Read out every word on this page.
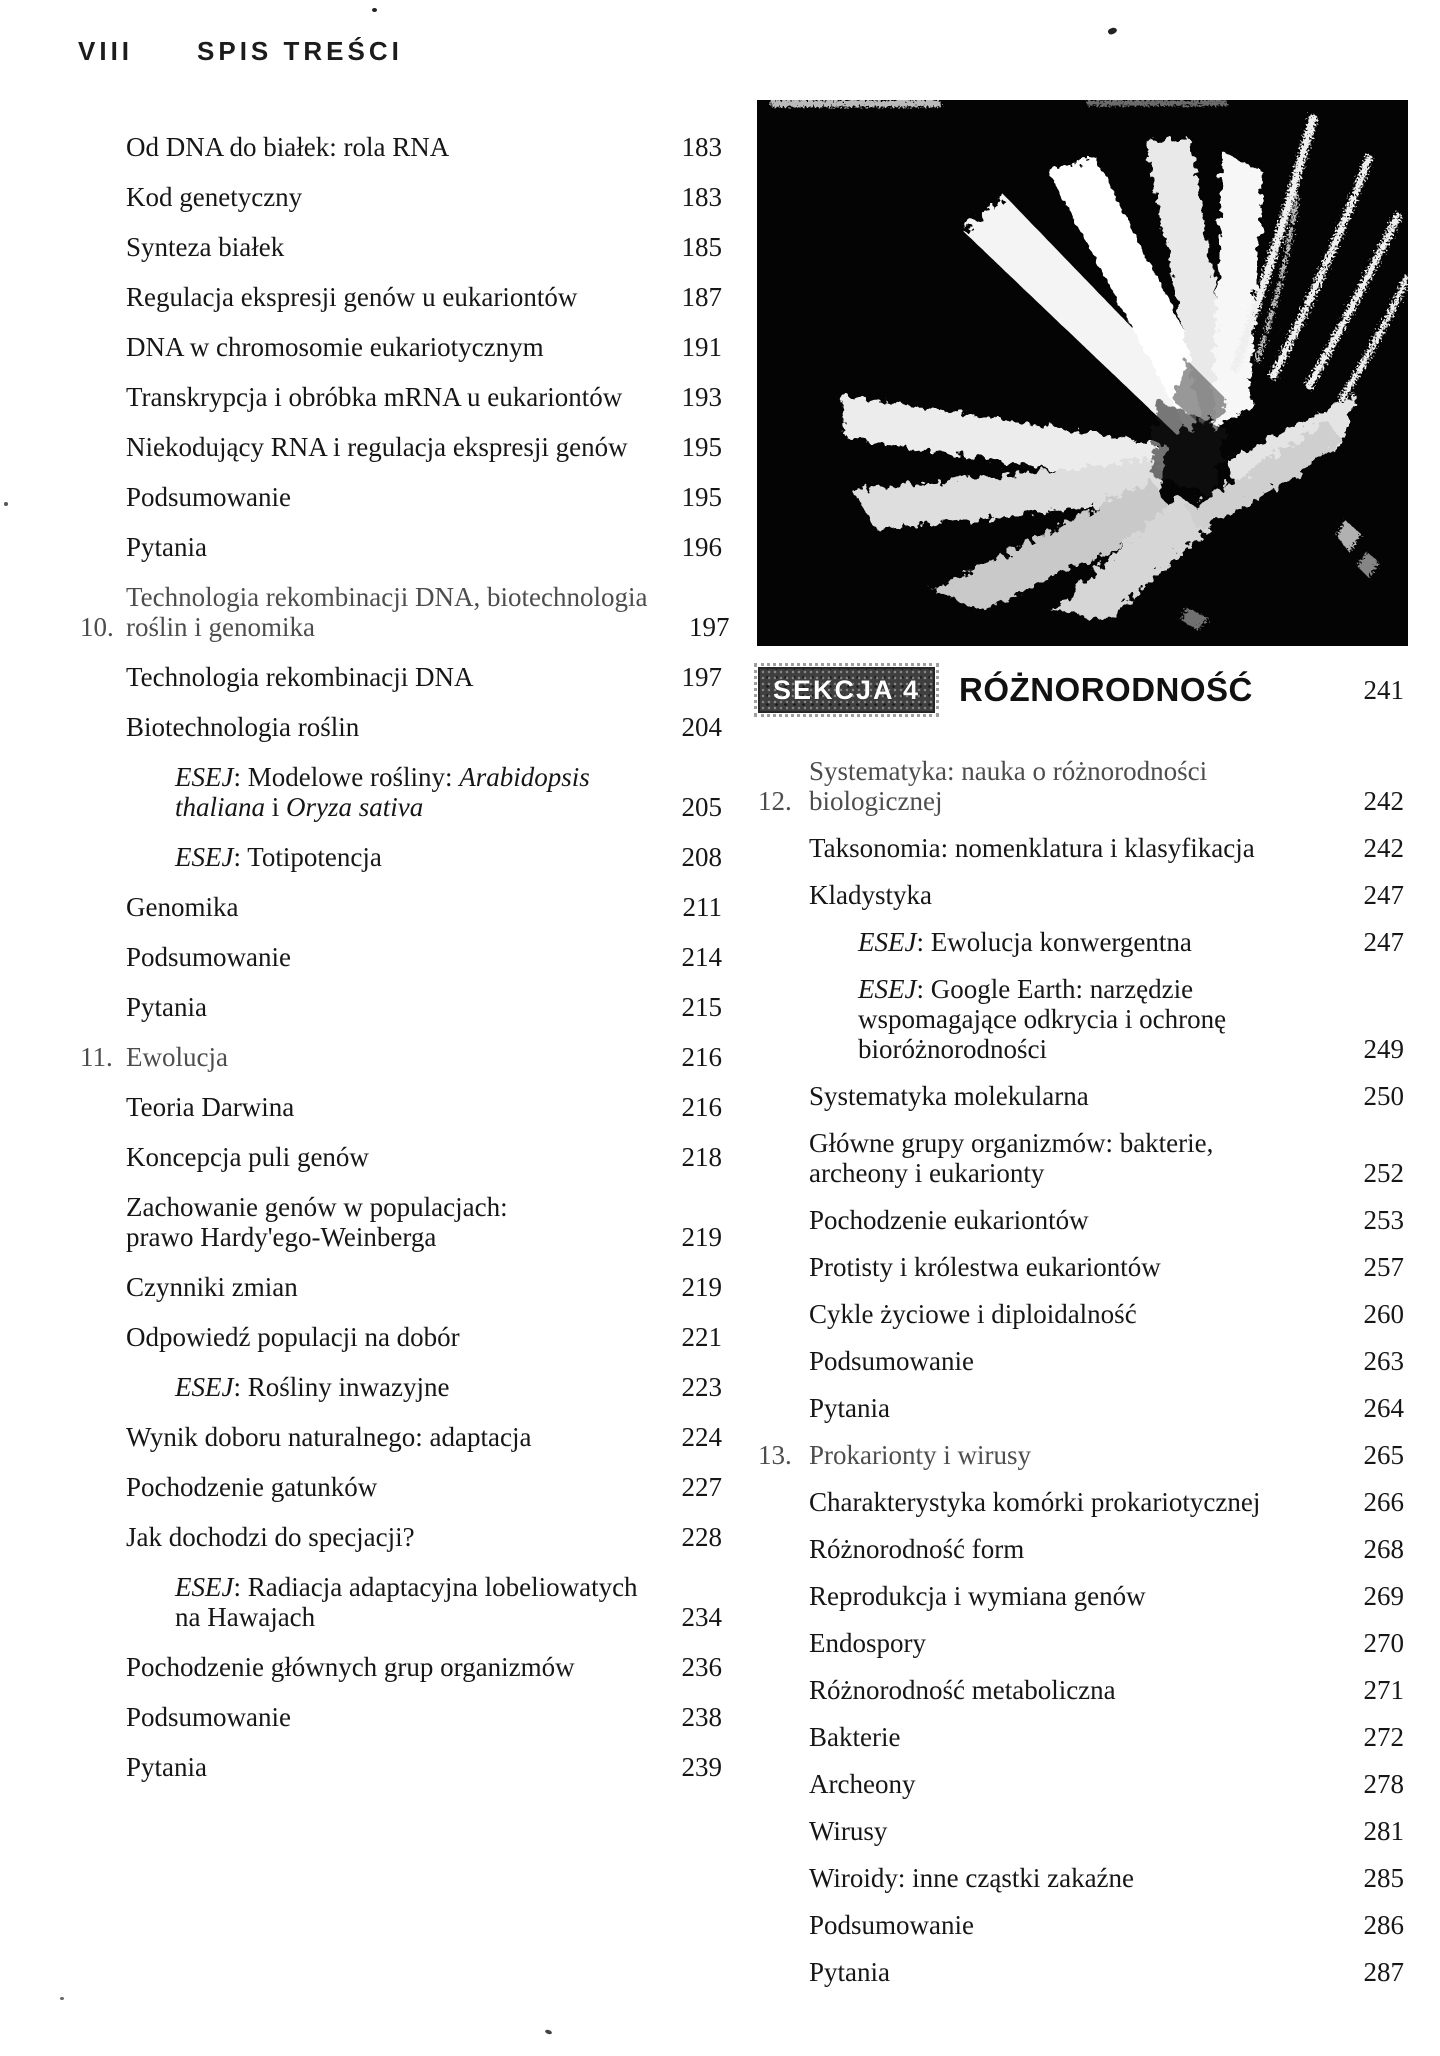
VIII SPIS TREŚCI
Od DNA do białek: rola RNA	183
Kod genetyczny	183
Synteza białek	185
Regulacja ekspresji genów u eukariontów	187
DNA w chromosomie eukariotycznym	191
Transkrypcja i obróbka mRNA u eukariontów	193
Niekodujący RNA i regulacja ekspresji genów	195
Podsumowanie	195
Pytania	196
10.
Technologia rekombinacji DNA, biotechnologia
roślin i genomika	197
Technologia rekombinacji DNA	197
Biotechnologia roślin	204
ESEJ: Modelowe rośliny: Arabidopsis
thaliana i Oryza sativa	205
ESEJ: Totipotencja	208
Genomika	211
Podsumowanie	214
Pytania	215
11. Ewolucja	216
Teoria Darwina	216
Koncepcja puli genów	218
Zachowanie genów w populacjach:
prawo Hardy'ego-Weinberga	219
Czynniki zmian	219
Odpowiedź populacji na dobór	221
ESEJ: Rośliny inwazyjne	223
Wynik doboru naturalnego: adaptacja	224
Pochodzenie gatunków	227
Jak dochodzi do specjacji?	228
ESEJ: Radiacja adaptacyjna lobeliowatych
na Hawajach	234
Pochodzenie głównych grup organizmów	236
Podsumowanie	238
Pytania	239
SEKCJA 4	RÓŻNORODNOŚĆ	241
12.
Systematyka: nauka o różnorodności
biologicznej	242
Taksonomia: nomenklatura i klasyfikacja	242
Kladystyka	247
ESEJ: Ewolucja konwergentna	247
ESEJ: Google Earth: narzędzie
wspomagające odkrycia i ochronę
bioróżnorodności	249
Systematyka molekularna	250
Główne grupy organizmów: bakterie,
archeony i eukarionty	252
Pochodzenie eukariontów	253
Protisty i królestwa eukariontów	257
Cykle życiowe i diploidalność	260
Podsumowanie	263
Pytania	264
13. Prokarionty i wirusy	265
Charakterystyka komórki prokariotycznej	266
Różnorodność form	268
Reprodukcja i wymiana genów	269
Endospory	270
Różnorodność metaboliczna	271
Bakterie	272
Archeony	278
Wirusy	281
Wiroidy: inne cząstki zakaźne	285
Podsumowanie	286
Pytania	287
